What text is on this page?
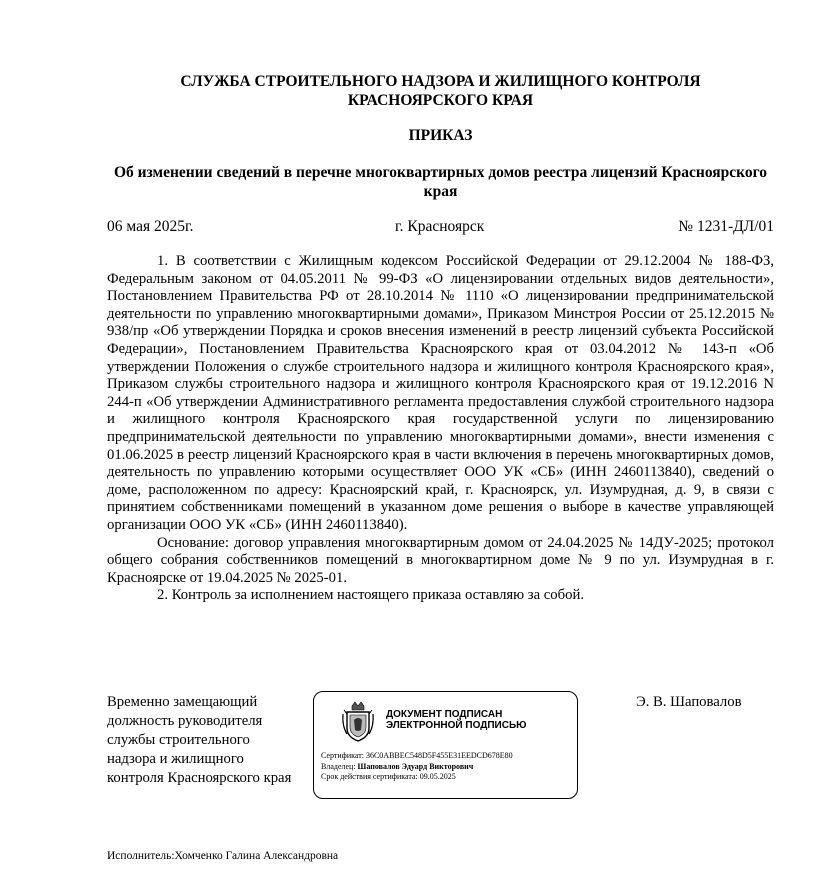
СЛУЖБА СТРОИТЕЛЬНОГО НАДЗОРА И ЖИЛИЩНОГО КОНТРОЛЯ
КРАСНОЯРСКОГО КРАЯ
ПРИКАЗ
Об изменении сведений в перечне многоквартирных домов реестра лицензий Красноярского края
06 мая 2025г.	г. Красноярск	№ 1231-ДЛ/01

1. В соответствии с Жилищным кодексом Российской Федерации от 29.12.2004 № 188-ФЗ, Федеральным законом от 04.05.2011 № 99-ФЗ «О лицензировании отдельных видов деятельности», Постановлением Правительства РФ от 28.10.2014 № 1110 «О лицензировании предпринимательской деятельности по управлению многоквартирными домами», Приказом Минстроя России от 25.12.2015 № 938/пр «Об утверждении Порядка и сроков внесения изменений в реестр лицензий субъекта Российской Федерации», Постановлением Правительства Красноярского края от 03.04.2012 № 143-п «Об утверждении Положения о службе строительного надзора и жилищного контроля Красноярского края», Приказом службы строительного надзора и жилищного контроля Красноярского края от 19.12.2016 N 244-п «Об утверждении Административного регламента предоставления службой строительного надзора и жилищного контроля Красноярского края государственной услуги по лицензированию предпринимательской деятельности по управлению многоквартирными домами», внести изменения с 01.06.2025 в реестр лицензий Красноярского края в части включения в перечень многоквартирных домов, деятельность по управлению которыми осуществляет ООО УК «СБ» (ИНН 2460113840), сведений о доме, расположенном по адресу: Красноярский край, г. Красноярск, ул. Изумрудная, д. 9, в связи с принятием собственниками помещений в указанном доме решения о выборе в качестве управляющей организации ООО УК «СБ» (ИНН 2460113840).

Основание: договор управления многоквартирным домом от 24.04.2025 № 14ДУ-2025; протокол общего собрания собственников помещений в многоквартирном доме № 9 по ул. Изумрудная в г. Красноярске от 19.04.2025 № 2025-01.

2. Контроль за исполнением настоящего приказа оставляю за собой.

Временно замещающий должность руководителя службы строительного надзора и жилищного контроля Красноярского края
ДОКУМЕНТ ПОДПИСАН
ЭЛЕКТРОННОЙ ПОДПИСЬЮ
Сертификат: 36C0ABBEC548D5F455E31EEDCD678E80
Владелец: Шаповалов Эдуард Викторович
Срок действия сертификата: 09.05.2025
Э. В. Шаповалов
Исполнитель:Хомченко Галина Александровна
